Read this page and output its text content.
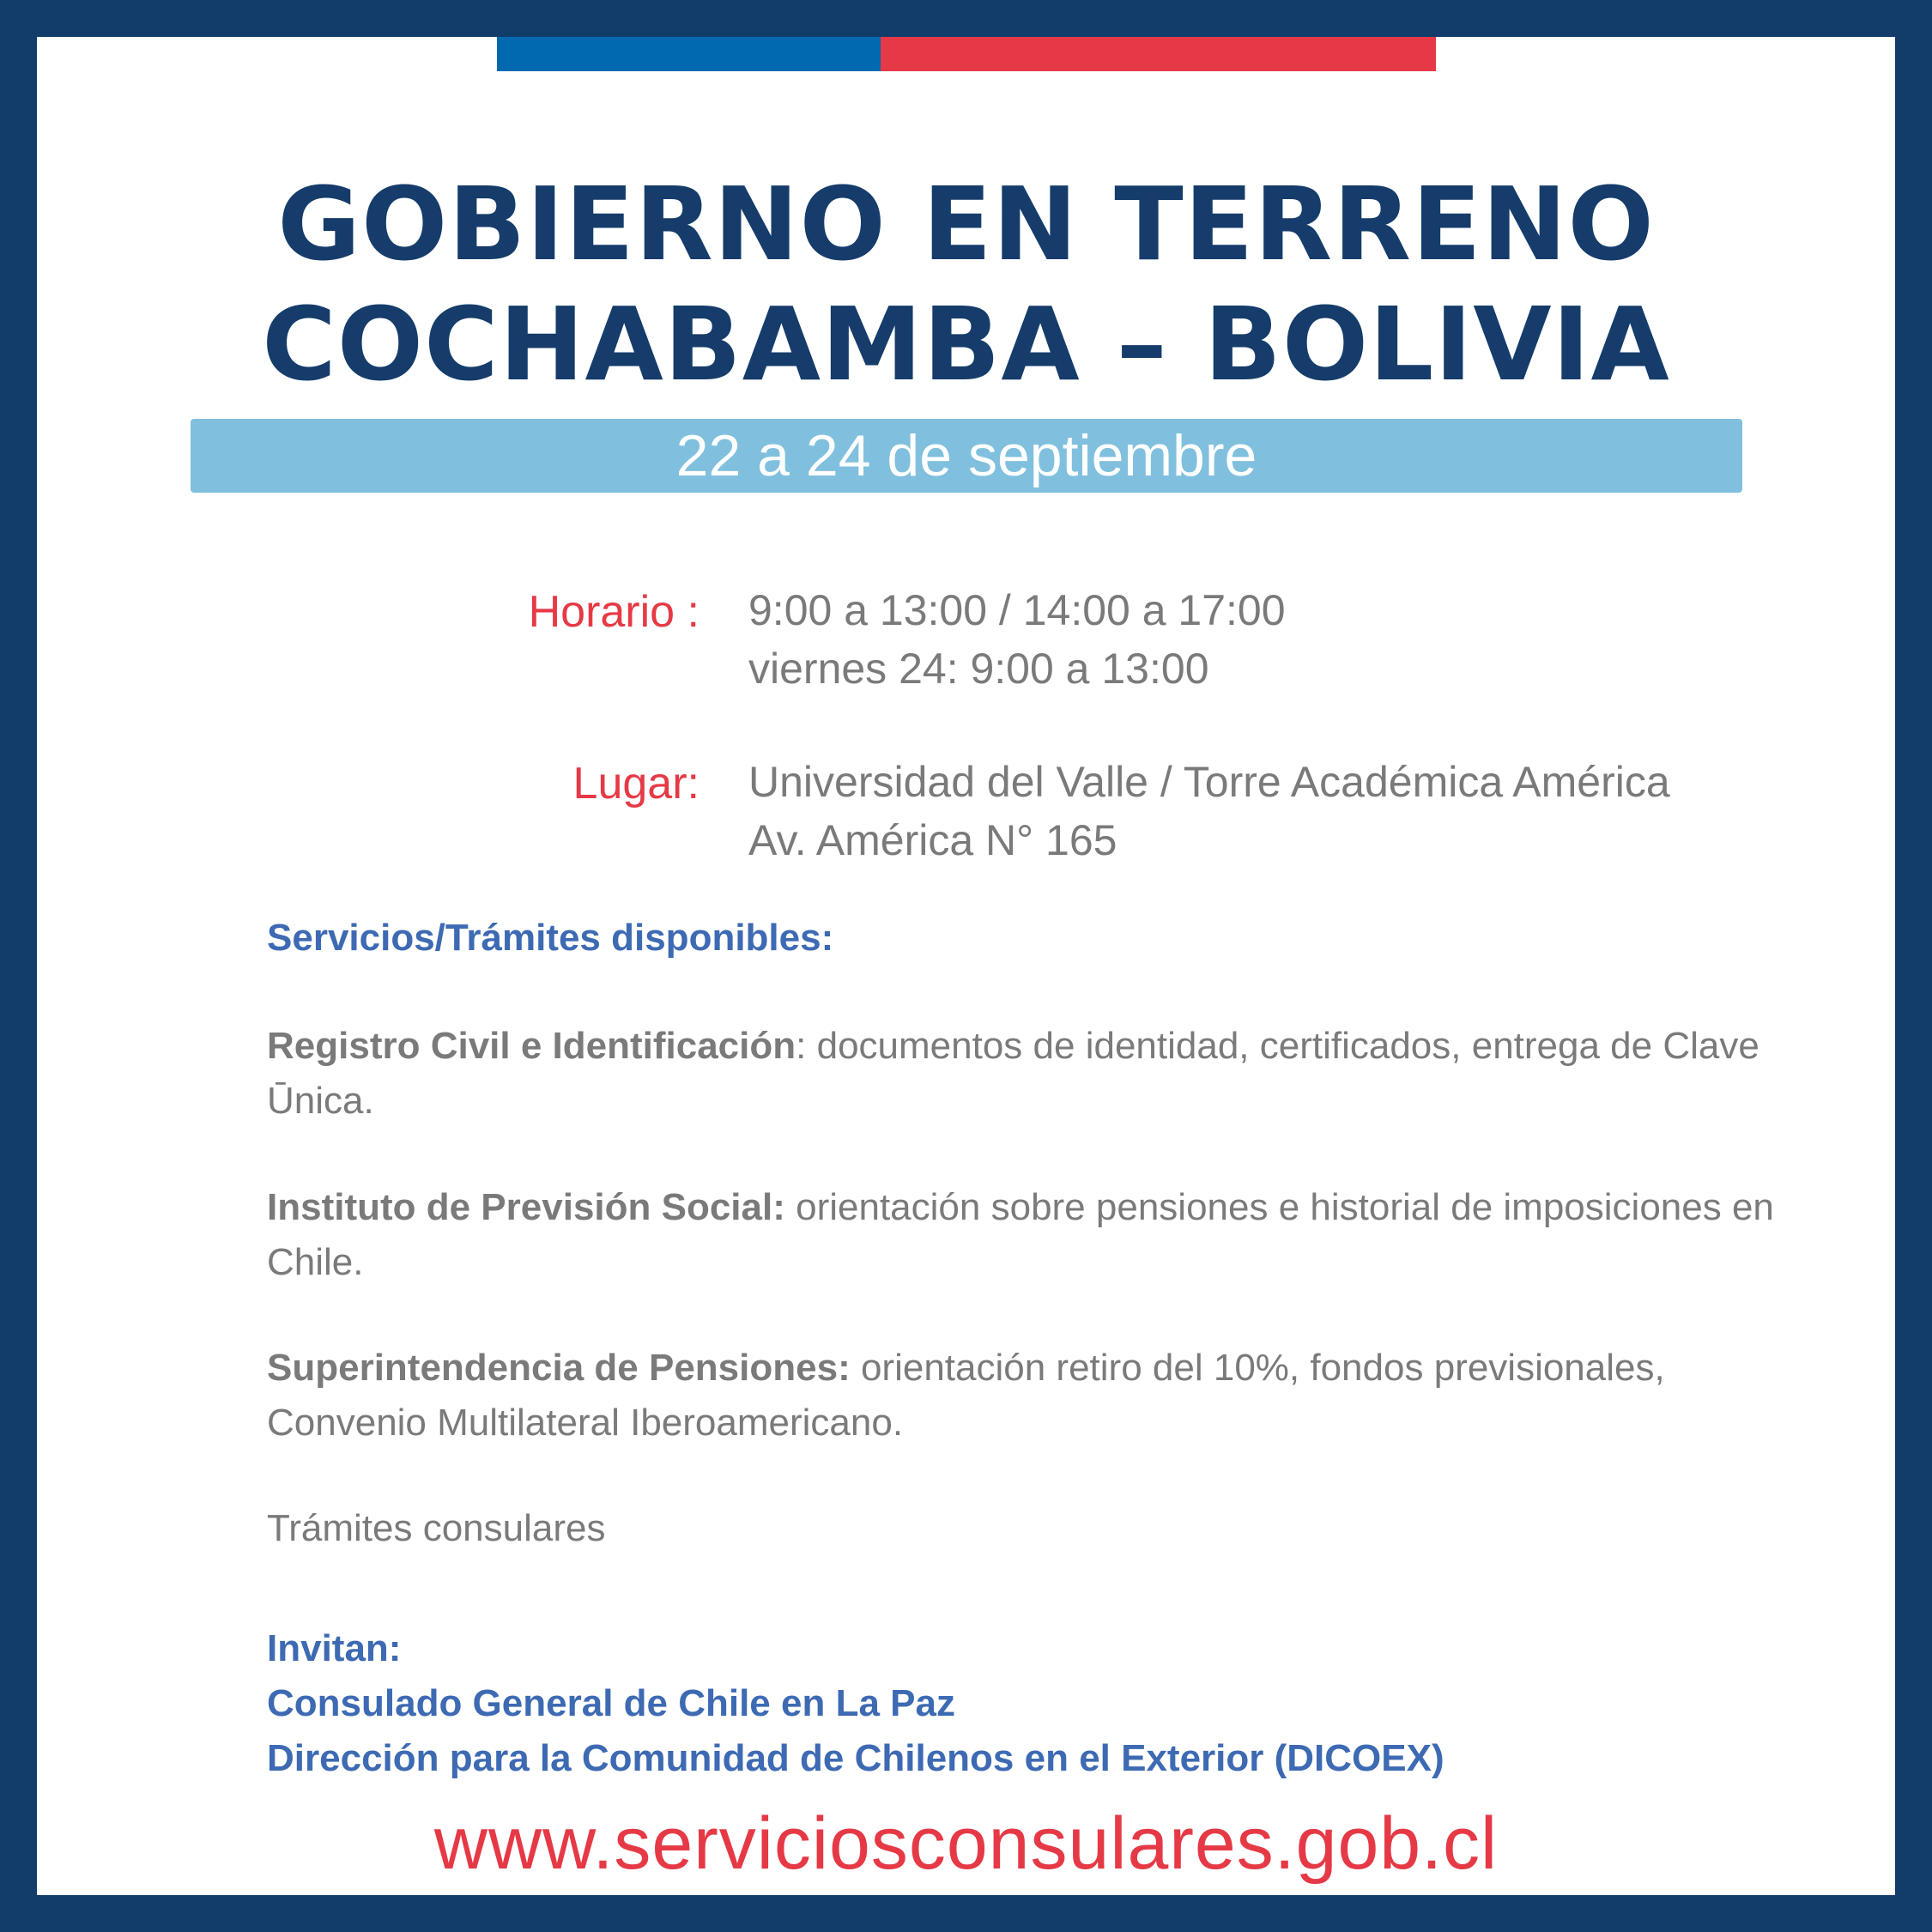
GOBIERNO EN TERRENO
COCHABAMBA – BOLIVIA
22 a 24 de septiembre
Horario : 9:00 a 13:00 / 14:00 a 17:00
viernes 24: 9:00 a 13:00
Lugar: Universidad del Valle / Torre Académica América
Av. América N° 165
Servicios/Trámites disponibles:
Registro Civil e Identificación: documentos de identidad, certificados, entrega de Clave Ūnica.
Instituto de Previsión Social: orientación sobre pensiones e historial de imposiciones en Chile.
Superintendencia de Pensiones: orientación retiro del 10%, fondos previsionales, Convenio Multilateral Iberoamericano.
Trámites consulares
Invitan:
Consulado General de Chile en La Paz
Dirección para la Comunidad de Chilenos en el Exterior (DICOEX)
www.serviciosconsulares.gob.cl
